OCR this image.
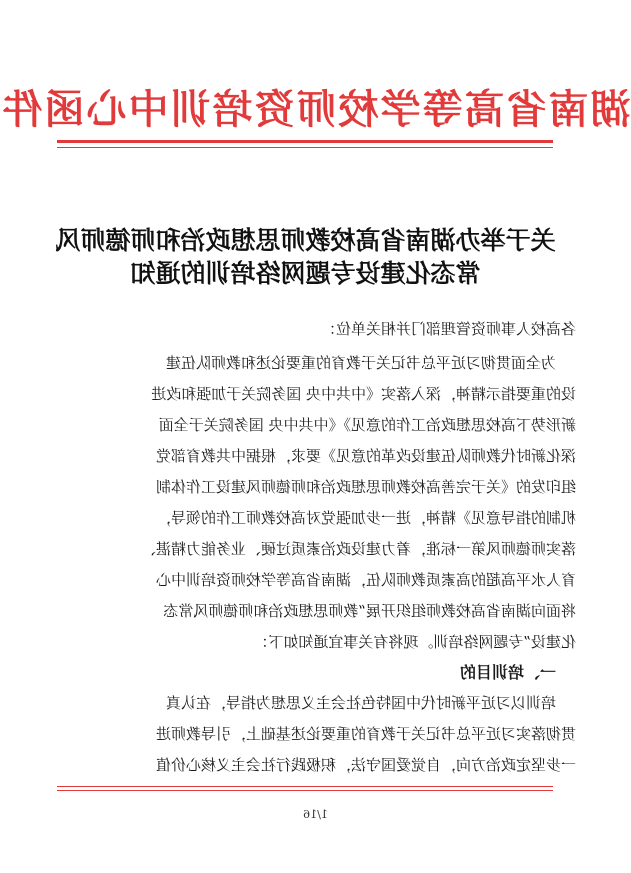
湖南省高等学校师资培训中心函件
关于举办湖南省高校教师思想政治和师德师风
常态化建设专题网络培训的通知
各高校人事师资管理部门并相关单位：
为全面贯彻习近平总书记关于教育的重要论述和教师队伍建
设的重要指示精神，深入落实《中共中央 国务院关于加强和改进
新形势下高校思想政治工作的意见》《中共中央 国务院关于全面
深化新时代教师队伍建设改革的意见》要求，根据中共教育部党
组印发的《关于完善高校教师思想政治和师德师风建设工作体制
机制的指导意见》精神，进一步加强党对高校教师工作的领导，
落实师德师风第一标准，着力建设政治素质过硬、业务能力精湛、
育人水平高超的高素质教师队伍，湖南省高等学校师资培训中心
将面向湖南省高校教师组织开展“教师思想政治和师德师风常态
化建设”专题网络培训。现将有关事宜通知如下：
一、培训目的
培训以习近平新时代中国特色社会主义思想为指导，在认真
贯彻落实习近平总书记关于教育的重要论述基础上，引导教师进
一步坚定政治方向，自觉爱国守法，积极践行社会主义核心价值
1/16
